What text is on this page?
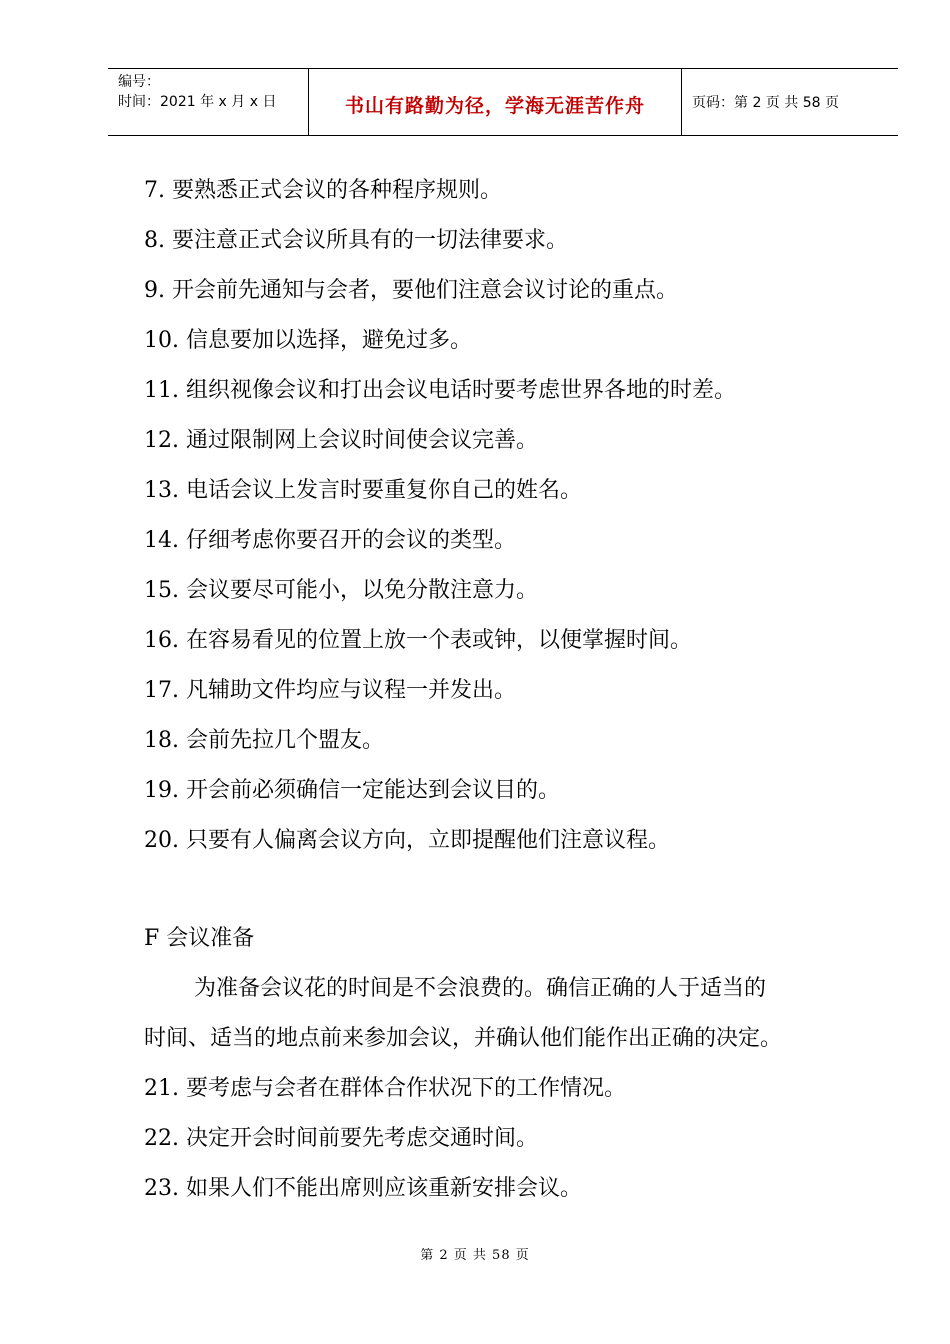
编号：
时间：2021 年 x 月 x 日	书山有路勤为径，学海无涯苦作舟	页码：第 2 页 共 58 页
7. 要熟悉正式会议的各种程序规则。
8. 要注意正式会议所具有的一切法律要求。
9. 开会前先通知与会者，要他们注意会议讨论的重点。
10. 信息要加以选择，避免过多。
11. 组织视像会议和打出会议电话时要考虑世界各地的时差。
12. 通过限制网上会议时间使会议完善。
13. 电话会议上发言时要重复你自己的姓名。
14. 仔细考虑你要召开的会议的类型。
15. 会议要尽可能小，以免分散注意力。
16. 在容易看见的位置上放一个表或钟，以便掌握时间。
17. 凡辅助文件均应与议程一并发出。
18. 会前先拉几个盟友。
19. 开会前必须确信一定能达到会议目的。
20. 只要有人偏离会议方向，立即提醒他们注意议程。
F 会议准备
为准备会议花的时间是不会浪费的。确信正确的人于适当的
时间、适当的地点前来参加会议，并确认他们能作出正确的决定。
21. 要考虑与会者在群体合作状况下的工作情况。
22. 决定开会时间前要先考虑交通时间。
23. 如果人们不能出席则应该重新安排会议。
第 2 页 共 58 页
